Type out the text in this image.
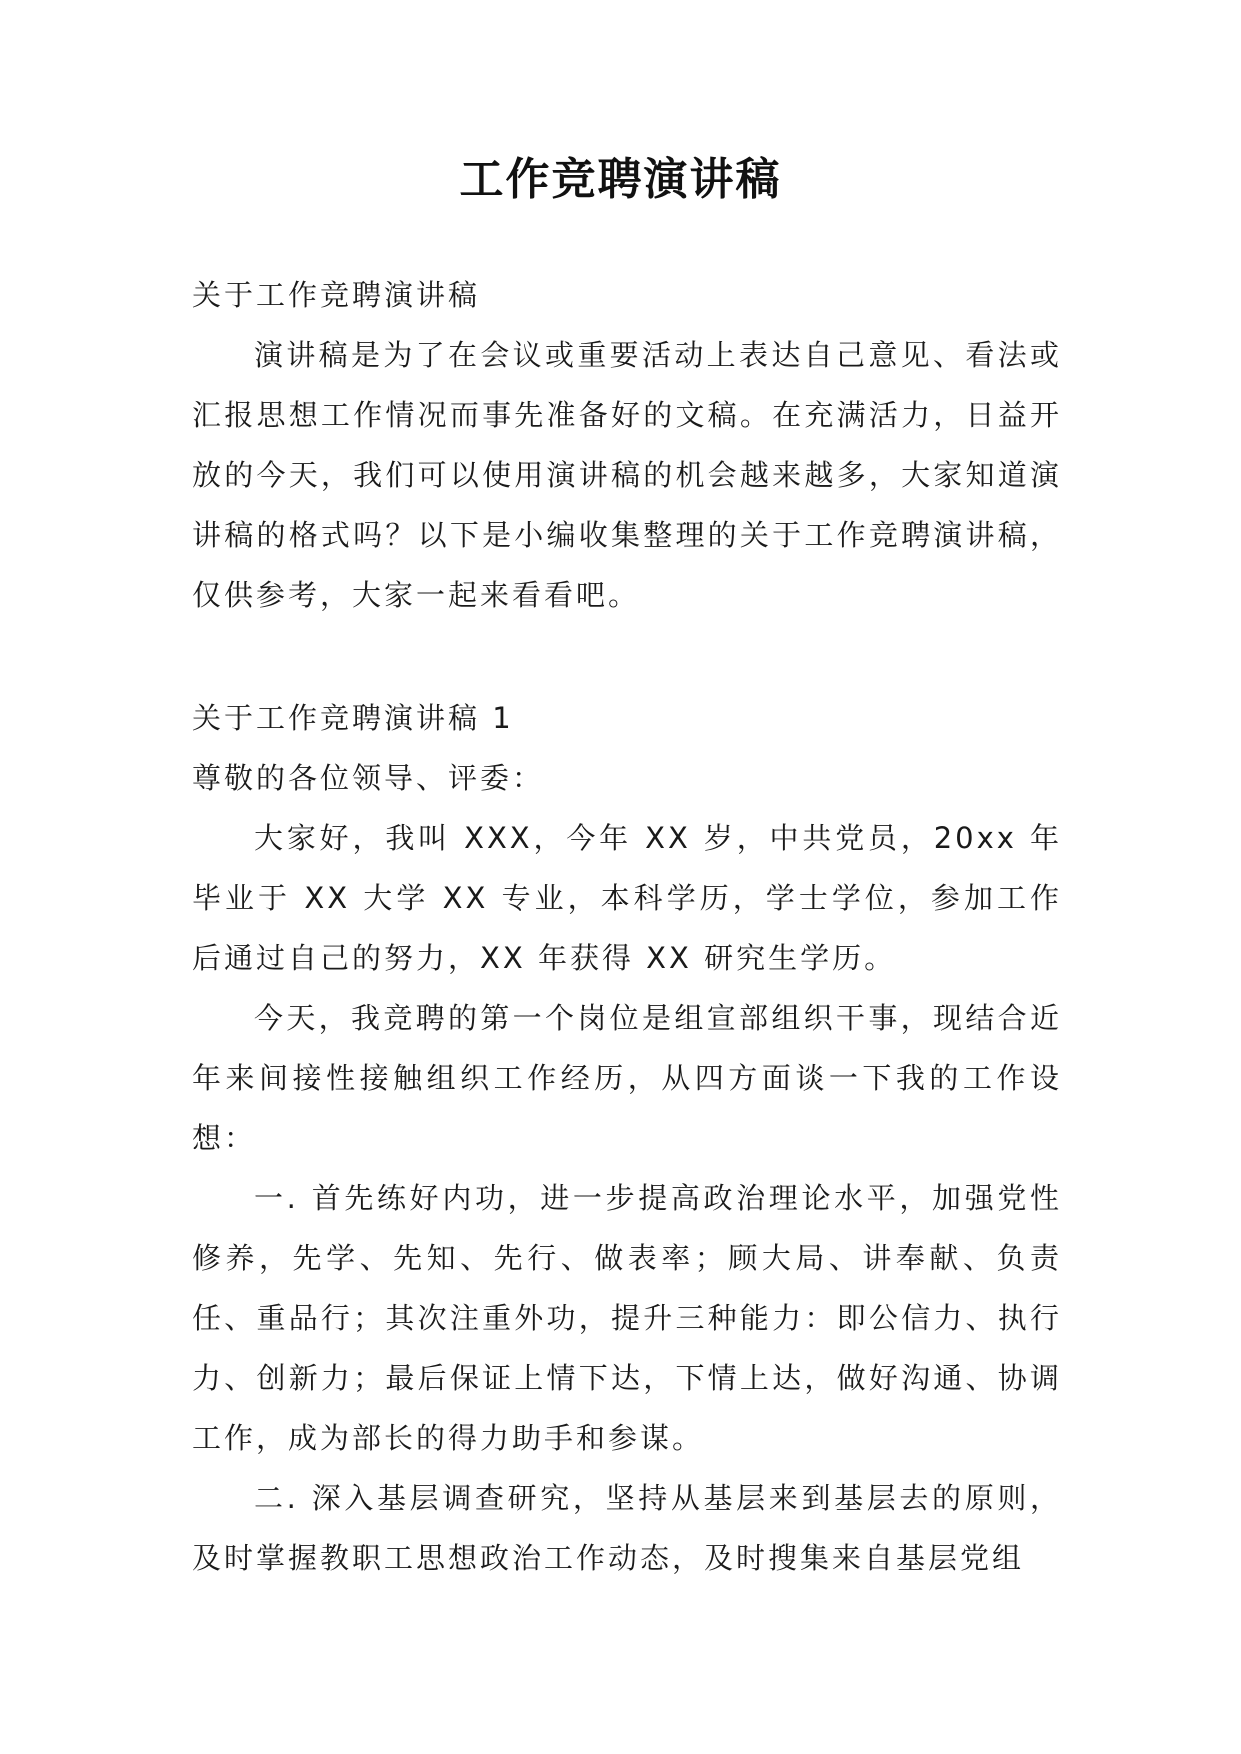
工作竞聘演讲稿

关于工作竞聘演讲稿

演讲稿是为了在会议或重要活动上表达自己意见、看法或汇报思想工作情况而事先准备好的文稿。在充满活力，日益开放的今天，我们可以使用演讲稿的机会越来越多，大家知道演讲稿的格式吗？以下是小编收集整理的关于工作竞聘演讲稿，仅供参考，大家一起来看看吧。

关于工作竞聘演讲稿 1

尊敬的各位领导、评委：

大家好，我叫 XXX，今年 XX 岁，中共党员，20xx 年毕业于 XX 大学 XX 专业，本科学历，学士学位，参加工作后通过自己的努力，XX 年获得 XX 研究生学历。

今天，我竞聘的第一个岗位是组宣部组织干事，现结合近年来间接性接触组织工作经历，从四方面谈一下我的工作设想：

一. 首先练好内功，进一步提高政治理论水平，加强党性修养，先学、先知、先行、做表率；顾大局、讲奉献、负责任、重品行；其次注重外功，提升三种能力：即公信力、执行力、创新力；最后保证上情下达，下情上达，做好沟通、协调工作，成为部长的得力助手和参谋。

二. 深入基层调查研究，坚持从基层来到基层去的原则，及时掌握教职工思想政治工作动态，及时搜集来自基层党组
